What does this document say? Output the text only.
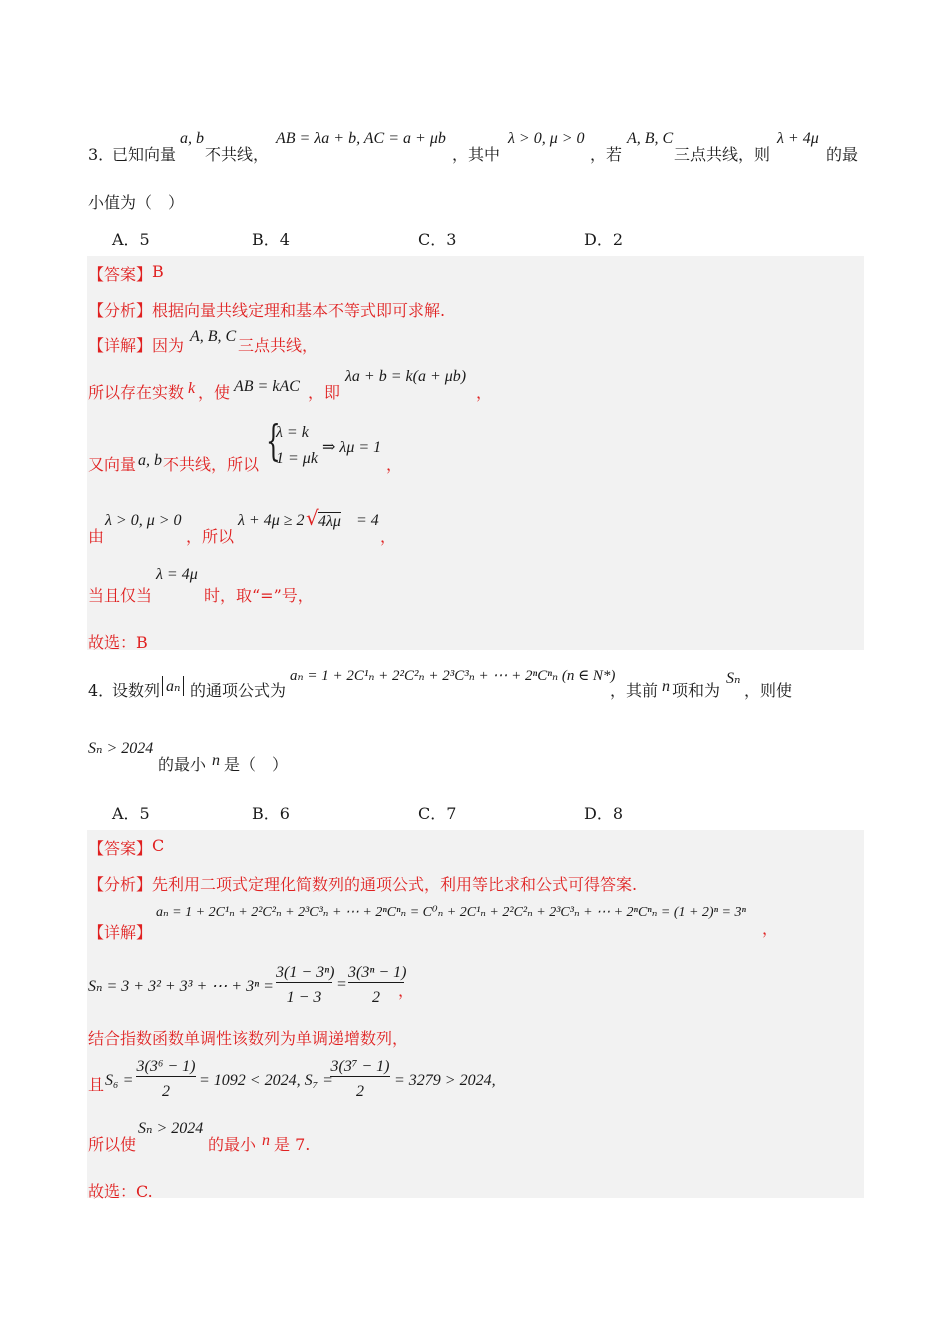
3．
已知向量
a, b
不共线，
AB = λa + b, AC = a + μb
，其中
λ > 0, μ > 0
，若
A, B, C
三点共线，则
λ + 4μ
的最
小值为（　）
A．5	B．4	C．3	D．2
【答案】 B
【分析】 根据向量共线定理和基本不等式即可求解.
【详解】 因为 A, B, C 三点共线，
所以存在实数 k ，使 AB = kAC ，即
λa + b = k(a + μb)
，
又向量 a, b 不共线，所以 {
λ = k
1 = μk
⇒ λμ = 1
，
由
λ > 0, μ > 0
，所以
λ + 4μ ≥ 2 √ 4λμ = 4
，
当且仅当
λ = 4μ
时，取“=”号，
故选：B
4．
设数列 aₙ 的通项公式为
aₙ = 1 + 2C¹ₙ + 2²C²ₙ + 2³C³ₙ + ⋯ + 2ⁿCⁿₙ (n ∈ N*)
，其前 n 项和为
Sₙ
，则使
Sₙ > 2024
的最小 n 是（　）
A．5	B．6	C．7	D．8
【答案】 C
【分析】 先利用二项式定理化简数列的通项公式，利用等比求和公式可得答案.
【详解】
aₙ = 1 + 2C¹ₙ + 2²C²ₙ + 2³C³ₙ + ⋯ + 2ⁿCⁿₙ = C⁰ₙ + 2C¹ₙ + 2²C²ₙ + 2³C³ₙ + ⋯ + 2ⁿCⁿₙ = (1 + 2)ⁿ = 3ⁿ
，
Sₙ = 3 + 3² + 3³ + ⋯ + 3ⁿ =
3(1 − 3ⁿ)
1 − 3
=
3(3ⁿ − 1)
2	，
结合指数函数单调性该数列为单调递增数列，
且 S₆ =
3(3⁶ − 1)
2
= 1092 < 2024, S₇ =
3(3⁷ − 1)
2
= 3279 > 2024,
所以使
Sₙ > 2024
的最小 n 是 7.
故选：C.
